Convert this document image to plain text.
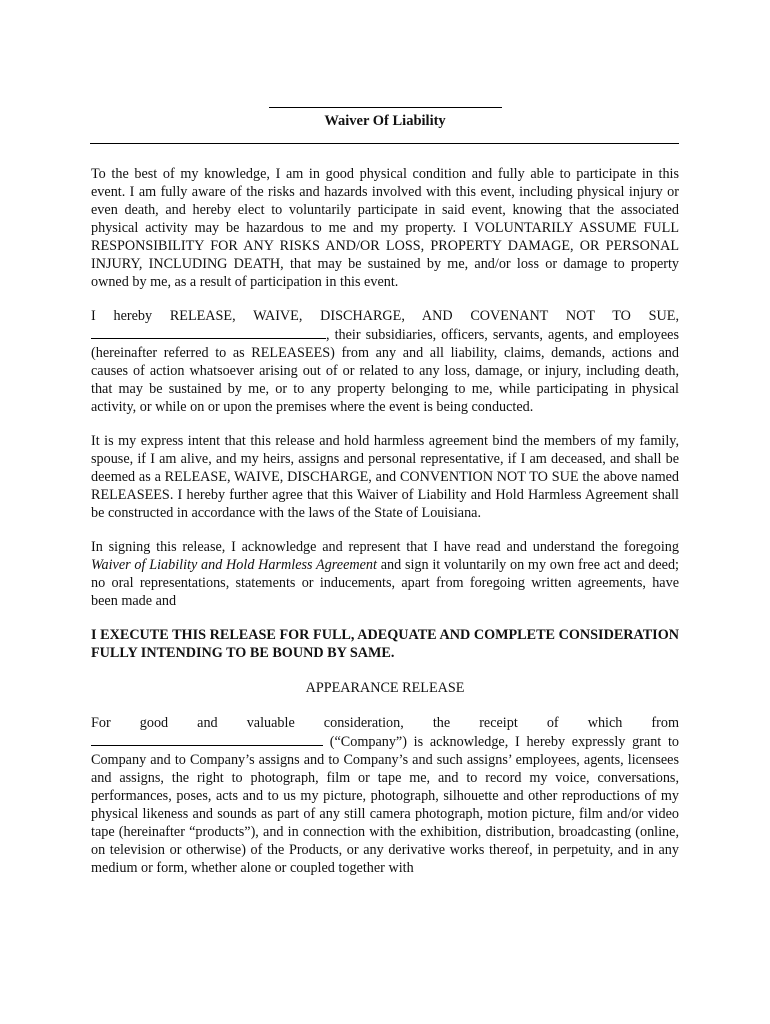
Waiver Of Liability

To the best of my knowledge, I am in good physical condition and fully able to participate in this event. I am fully aware of the risks and hazards involved with this event, including physical injury or even death, and hereby elect to voluntarily participate in said event, knowing that the associated physical activity may be hazardous to me and my property. I VOLUNTARILY ASSUME FULL RESPONSIBILITY FOR ANY RISKS AND/OR LOSS, PROPERTY DAMAGE, OR PERSONAL INJURY, INCLUDING DEATH, that may be sustained by me, and/or loss or damage to property owned by me, as a result of participation in this event.

I hereby RELEASE, WAIVE, DISCHARGE, AND COVENANT NOT TO SUE, , their subsidiaries, officers, servants, agents, and employees (hereinafter referred to as RELEASEES) from any and all liability, claims, demands, actions and causes of action whatsoever arising out of or related to any loss, damage, or injury, including death, that may be sustained by me, or to any property belonging to me, while participating in physical activity, or while on or upon the premises where the event is being conducted.

It is my express intent that this release and hold harmless agreement bind the members of my family, spouse, if I am alive, and my heirs, assigns and personal representative, if I am deceased, and shall be deemed as a RELEASE, WAIVE, DISCHARGE, and CONVENTION NOT TO SUE the above named RELEASEES. I hereby further agree that this Waiver of Liability and Hold Harmless Agreement shall be constructed in accordance with the laws of the State of Louisiana.

In signing this release, I acknowledge and represent that I have read and understand the foregoing Waiver of Liability and Hold Harmless Agreement and sign it voluntarily on my own free act and deed; no oral representations, statements or inducements, apart from foregoing written agreements, have been made and

I EXECUTE THIS RELEASE FOR FULL, ADEQUATE AND COMPLETE CONSIDERATION FULLY INTENDING TO BE BOUND BY SAME.

APPEARANCE RELEASE

For good and valuable consideration, the receipt of which from  (“Company”) is acknowledge, I hereby expressly grant to Company and to Company’s assigns and to Company’s and such assigns’ employees, agents, licensees and assigns, the right to photograph, film or tape me, and to record my voice, conversations, performances, poses, acts and to us my picture, photograph, silhouette and other reproductions of my physical likeness and sounds as part of any still camera photograph, motion picture, film and/or video tape (hereinafter “products”), and in connection with the exhibition, distribution, broadcasting (online, on television or otherwise) of the Products, or any derivative works thereof, in perpetuity, and in any medium or form, whether alone or coupled together with
